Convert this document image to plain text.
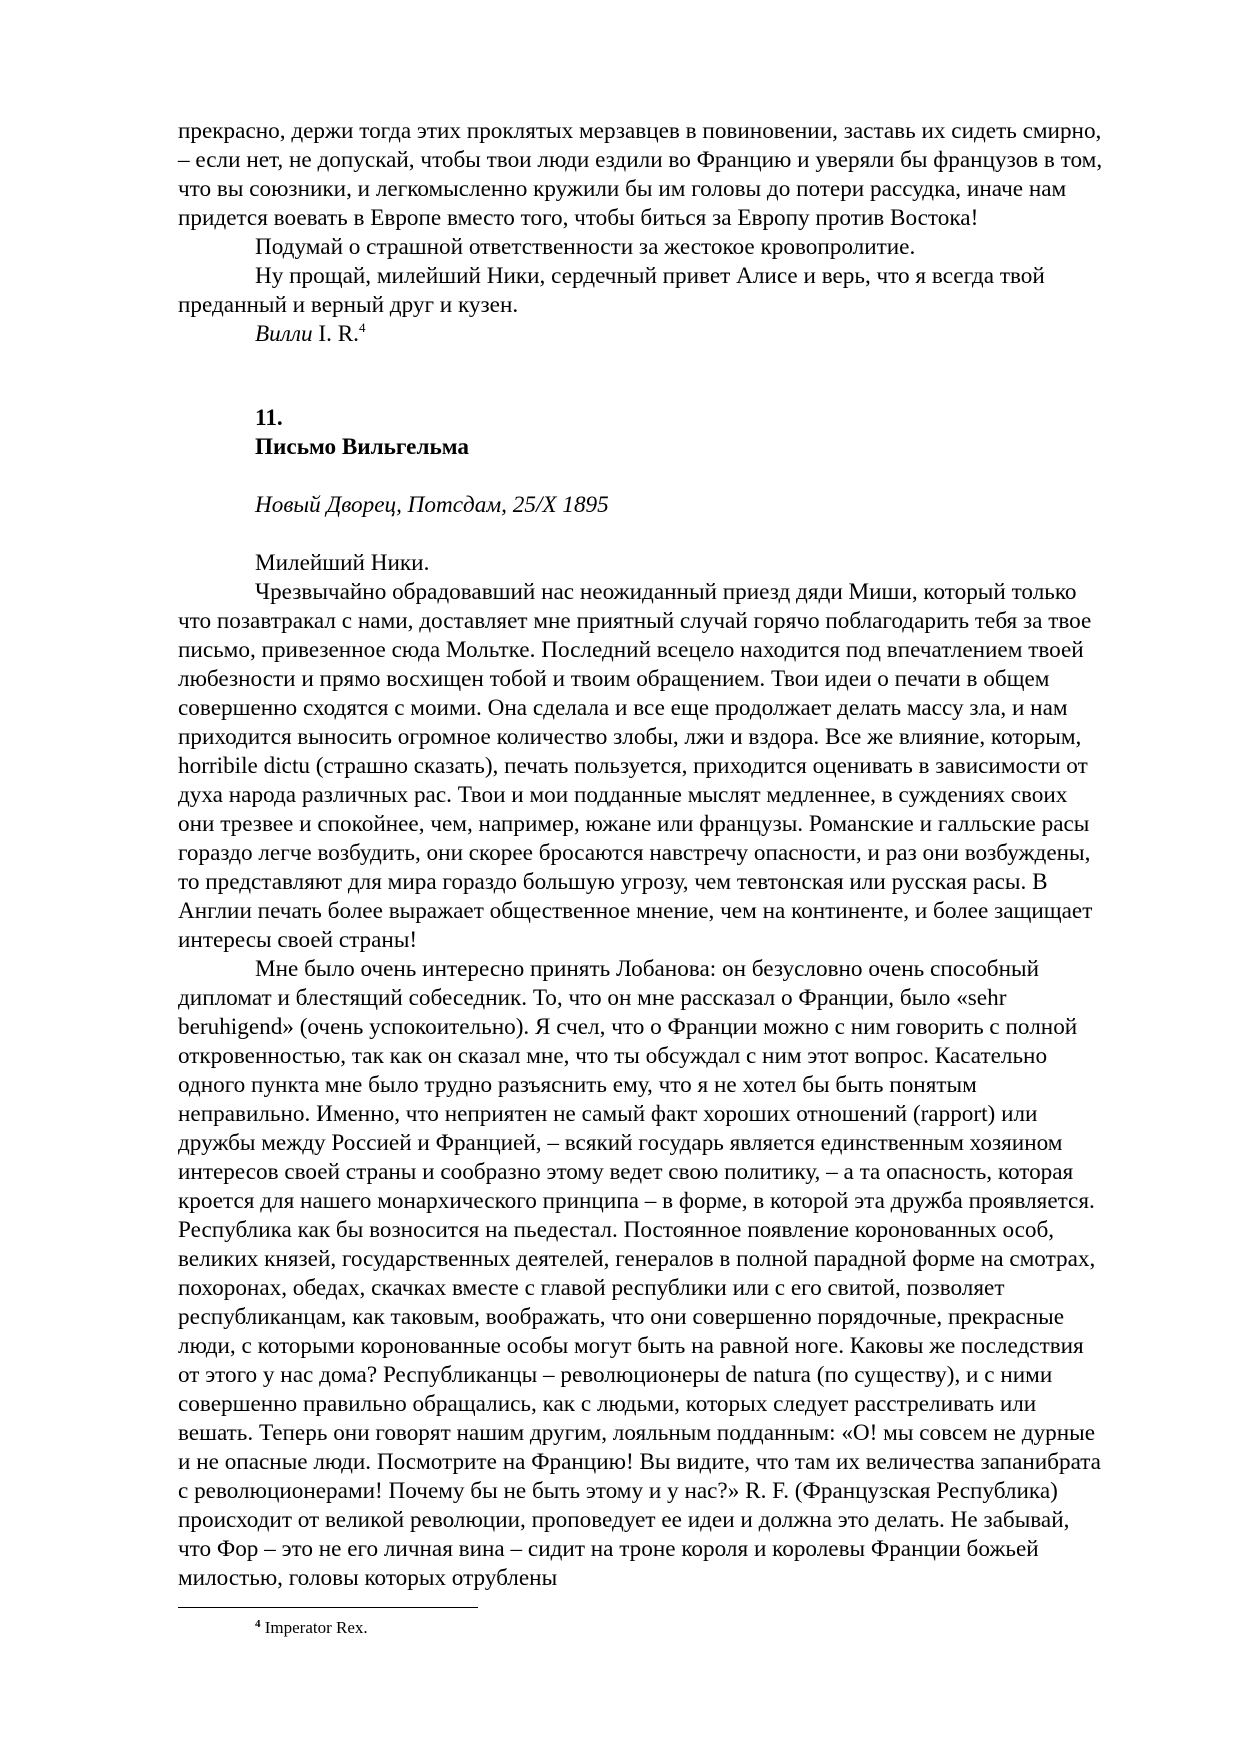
прекрасно, держи тогда этих проклятых мерзавцев в повиновении, заставь их сидеть смирно, – если нет, не допускай, чтобы твои люди ездили во Францию и уверяли бы французов в том, что вы союзники, и легкомысленно кружили бы им головы до потери рассудка, иначе нам придется воевать в Европе вместо того, чтобы биться за Европу против Востока!

Подумай о страшной ответственности за жестокое кровопролитие.

Ну прощай, милейший Ники, сердечный привет Алисе и верь, что я всегда твой преданный и верный друг и кузен.

Вилли I. R.$^4$

11.
Письмо Вильгельма
Новый Дворец, Потсдам, 25/X 1895
Милейший Ники.

Чрезвычайно обрадовавший нас неожиданный приезд дяди Миши, который только что позавтракал с нами, доставляет мне приятный случай горячо поблагодарить тебя за твое письмо, привезенное сюда Мольтке. Последний всецело находится под впечатлением твоей любезности и прямо восхищен тобой и твоим обращением. Твои идеи о печати в общем совершенно сходятся с моими. Она сделала и все еще продолжает делать массу зла, и нам приходится выносить огромное количество злобы, лжи и вздора. Все же влияние, которым, horribile dictu (страшно сказать), печать пользуется, приходится оценивать в зависимости от духа народа различных рас. Твои и мои подданные мыслят медленнее, в суждениях своих они трезвее и спокойнее, чем, например, южане или французы. Романские и галльские расы гораздо легче возбудить, они скорее бросаются навстречу опасности, и раз они возбуждены, то представляют для мира гораздо большую угрозу, чем тевтонская или русская расы. В Англии печать более выражает общественное мнение, чем на континенте, и более защищает интересы своей страны!

Мне было очень интересно принять Лобанова: он безусловно очень способный дипломат и блестящий собеседник. То, что он мне рассказал о Франции, было «sehr beruhigend» (очень успокоительно). Я счел, что о Франции можно с ним говорить с полной откровенностью, так как он сказал мне, что ты обсуждал с ним этот вопрос. Касательно одного пункта мне было трудно разъяснить ему, что я не хотел бы быть понятым неправильно. Именно, что неприятен не самый факт хороших отношений (rapport) или дружбы между Россией и Францией, – всякий государь является единственным хозяином интересов своей страны и сообразно этому ведет свою политику, – а та опасность, которая кроется для нашего монархического принципа – в форме, в которой эта дружба проявляется. Республика как бы возносится на пьедестал. Постоянное появление коронованных особ, великих князей, государственных деятелей, генералов в полной парадной форме на смотрах, похоронах, обедах, скачках вместе с главой республики или с его свитой, позволяет республиканцам, как таковым, воображать, что они совершенно порядочные, прекрасные люди, с которыми коронованные особы могут быть на равной ноге. Каковы же последствия от этого у нас дома? Республиканцы – революционеры de natura (по существу), и с ними совершенно правильно обращались, как с людьми, которых следует расстреливать или вешать. Теперь они говорят нашим другим, лояльным подданным: «О! мы совсем не дурные и не опасные люди. Посмотрите на Францию! Вы видите, что там их величества запанибрата с революционерами! Почему бы не быть этому и у нас?» R. F. (Французская Республика) происходит от великой революции, проповедует ее идеи и должна это делать. Не забывай, что Фор – это не его личная вина – сидит на троне короля и королевы Франции божьей милостью, головы которых отрублены

$^4$ Imperator Rex.
